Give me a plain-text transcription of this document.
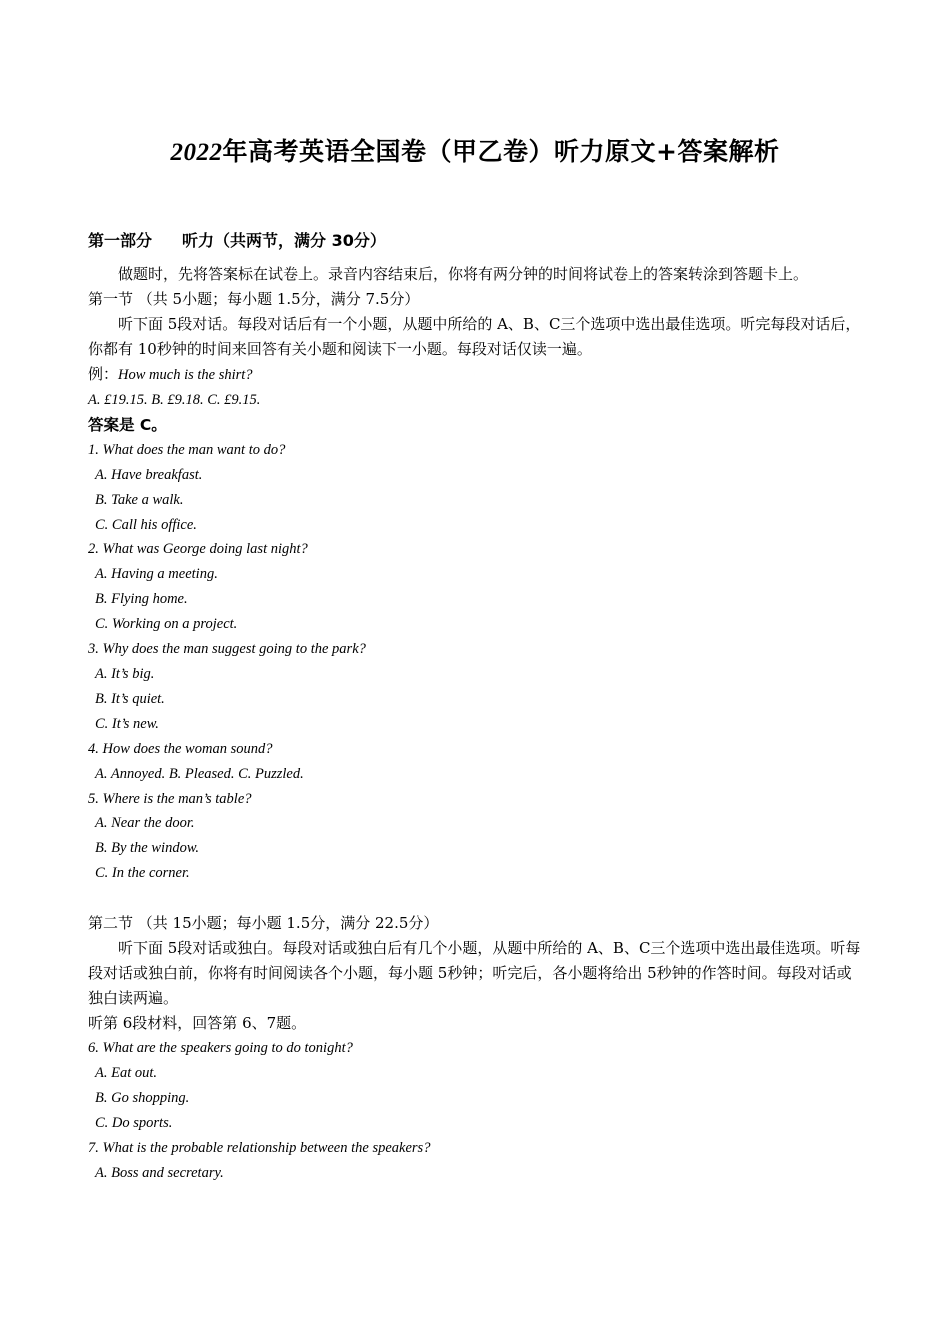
2022年高考英语全国卷（甲乙卷）听力原文+答案解析
第一部分 听力（共两节，满分 30分）

做题时，先将答案标在试卷上。录音内容结束后，你将有两分钟的时间将试卷上的答案转涂到答题卡上。

第一节 （共 5小题；每小题 1.5分，满分 7.5分）

听下面 5段对话。每段对话后有一个小题，从题中所给的 A、B、C三个选项中选出最佳选项。听完每段对话后，你都有 10秒钟的时间来回答有关小题和阅读下一小题。每段对话仅读一遍。

例：How much is the shirt?
A. £19.15. B. £9.18. C. £9.15.
答案是 C。
1. What does the man want to do?
A. Have breakfast.
B. Take a walk.
C. Call his office.
2. What was George doing last night?
A. Having a meeting.
B. Flying home.
C. Working on a project.
3. Why does the man suggest going to the park?
A. It’s big.
B. It’s quiet.
C. It’s new.
4. How does the woman sound?
A. Annoyed. B. Pleased. C. Puzzled.
5. Where is the man’s table?
A. Near the door.
B. By the window.
C. In the corner.
第二节 （共 15小题；每小题 1.5分，满分 22.5分）

听下面 5段对话或独白。每段对话或独白后有几个小题，从题中所给的 A、B、C三个选项中选出最佳选项。听每段对话或独白前，你将有时间阅读各个小题，每小题 5秒钟；听完后，各小题将给出 5秒钟的作答时间。每段对话或独白读两遍。

听第 6段材料，回答第 6、7题。
6. What are the speakers going to do tonight?
A. Eat out.
B. Go shopping.
C. Do sports.
7. What is the probable relationship between the speakers?
A. Boss and secretary.
